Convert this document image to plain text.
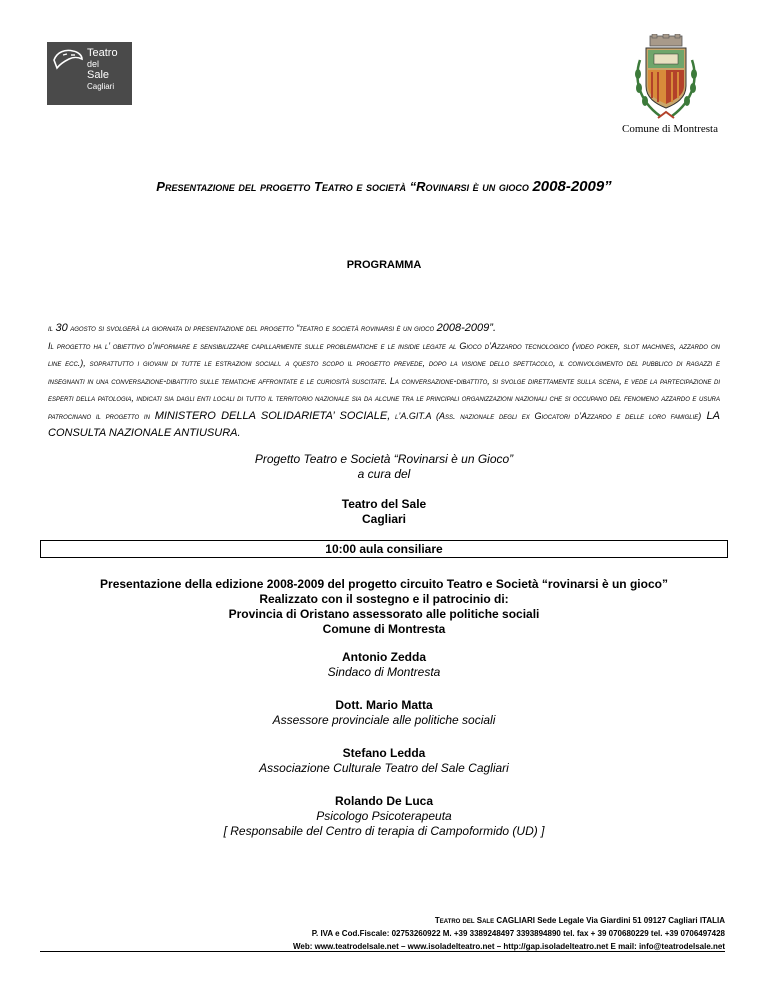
Teatro
del
Sale
Cagliari
Comune di Montresta
Presentazione del progetto Teatro e società “Rovinarsi è un gioco 2008-2009”
PROGRAMMA
il 30 agosto si svolgerà la giornata di presentazione del progetto “teatro e società rovinarsi è un gioco 2008-2009”.
Il progetto ha l’ obiettivo d’informare e sensibilizzare capillarmente sulle problematiche e le insidie legate al Gioco d’Azzardo tecnologico (video poker, slot machines, azzardo on line ecc.), soprattutto i giovani di tutte le estrazioni sociali. a questo scopo il progetto prevede, dopo la visione dello spettacolo, il coinvolgimento del pubblico di ragazzi e insegnanti in una conversazione-dibattito sulle tematiche affrontate e le curiosità suscitate. La conversazione-dibattito, si svolge direttamente sulla scena, e vede la partecipazione di esperti della patologia, indicati sia dagli enti locali di tutto il territorio nazionale sia da alcune tra le principali organizzazioni nazionali che si occupano del fenomeno azzardo e usura patrocinano il progetto in MINISTERO DELLA SOLIDARIETA’ SOCIALE, l’A.GIT.A (Ass. nazionale degli ex Giocatori d’Azzardo e delle loro famiglie) LA CONSULTA NAZIONALE ANTIUSURA.
Progetto Teatro e Società “Rovinarsi è un Gioco”
a cura del
Teatro del Sale
Cagliari
10:00 aula consiliare
Presentazione della edizione 2008-2009 del progetto circuito Teatro e Società “rovinarsi è un gioco”
Realizzato con il sostegno e il patrocinio di:
Provincia di Oristano assessorato alle politiche sociali
Comune di Montresta
Antonio Zedda
Sindaco di Montresta
Dott. Mario Matta
Assessore provinciale alle politiche sociali
Stefano Ledda
Associazione Culturale Teatro del Sale Cagliari
Rolando De Luca
Psicologo Psicoterapeuta
[ Responsabile del Centro di terapia di Campoformido (UD) ]
Teatro del Sale CAGLIARI Sede Legale Via Giardini 51 09127 Cagliari ITALIA
P. IVA e Cod.Fiscale: 02753260922 M. +39 3389248497 3393894890 tel. fax + 39 070680229 tel. +39 0706497428
Web: www.teatrodelsale.net – www.isoladelteatro.net – http://gap.isoladelteatro.net E mail: info@teatrodelsale.net
